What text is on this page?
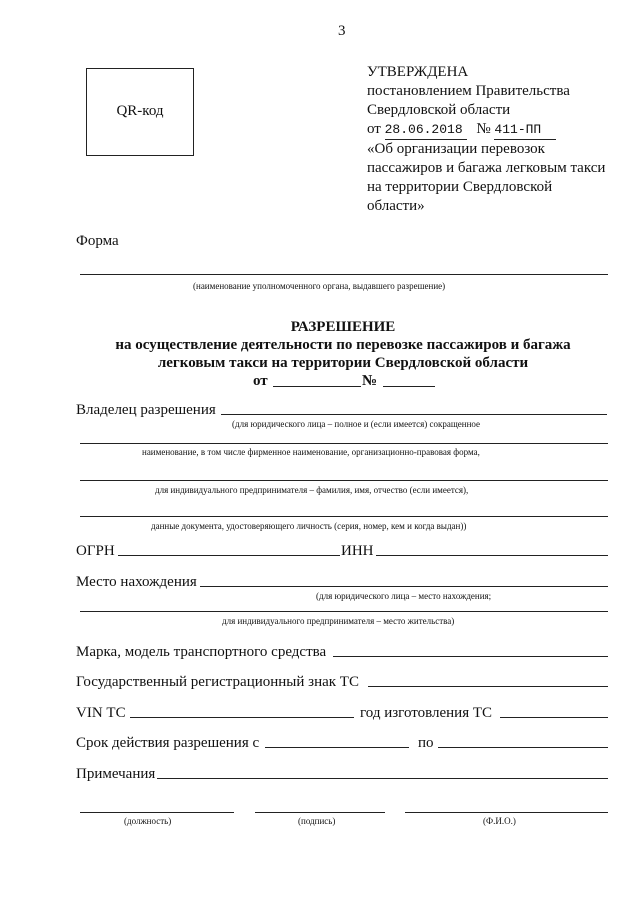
3
QR-код
УТВЕРЖДЕНА
постановлением Правительства
Свердловской области
от 28.06.2018 № 411-ПП
«Об организации перевозок
пассажиров и багажа легковым такси
на территории Свердловской
области»
Форма
(наименование уполномоченного органа, выдавшего разрешение)
РАЗРЕШЕНИЕ
на осуществление деятельности по перевозке пассажиров и багажа
легковым такси на территории Свердловской области
от	№
Владелец разрешения
(для юридического лица – полное и (если имеется) сокращенное
наименование, в том числе фирменное наименование, организационно-правовая форма,
для индивидуального предпринимателя – фамилия, имя, отчество (если имеется),
данные документа, удостоверяющего личность (серия, номер, кем и когда выдан))
ОГРН	ИНН
Место нахождения
(для юридического лица – место нахождения;
для индивидуального предпринимателя – место жительства)
Марка, модель транспортного средства
Государственный регистрационный знак ТС
VIN ТС	год изготовления ТС
Срок действия разрешения с	по
Примечания
(должность)	(подпись)	(Ф.И.О.)
